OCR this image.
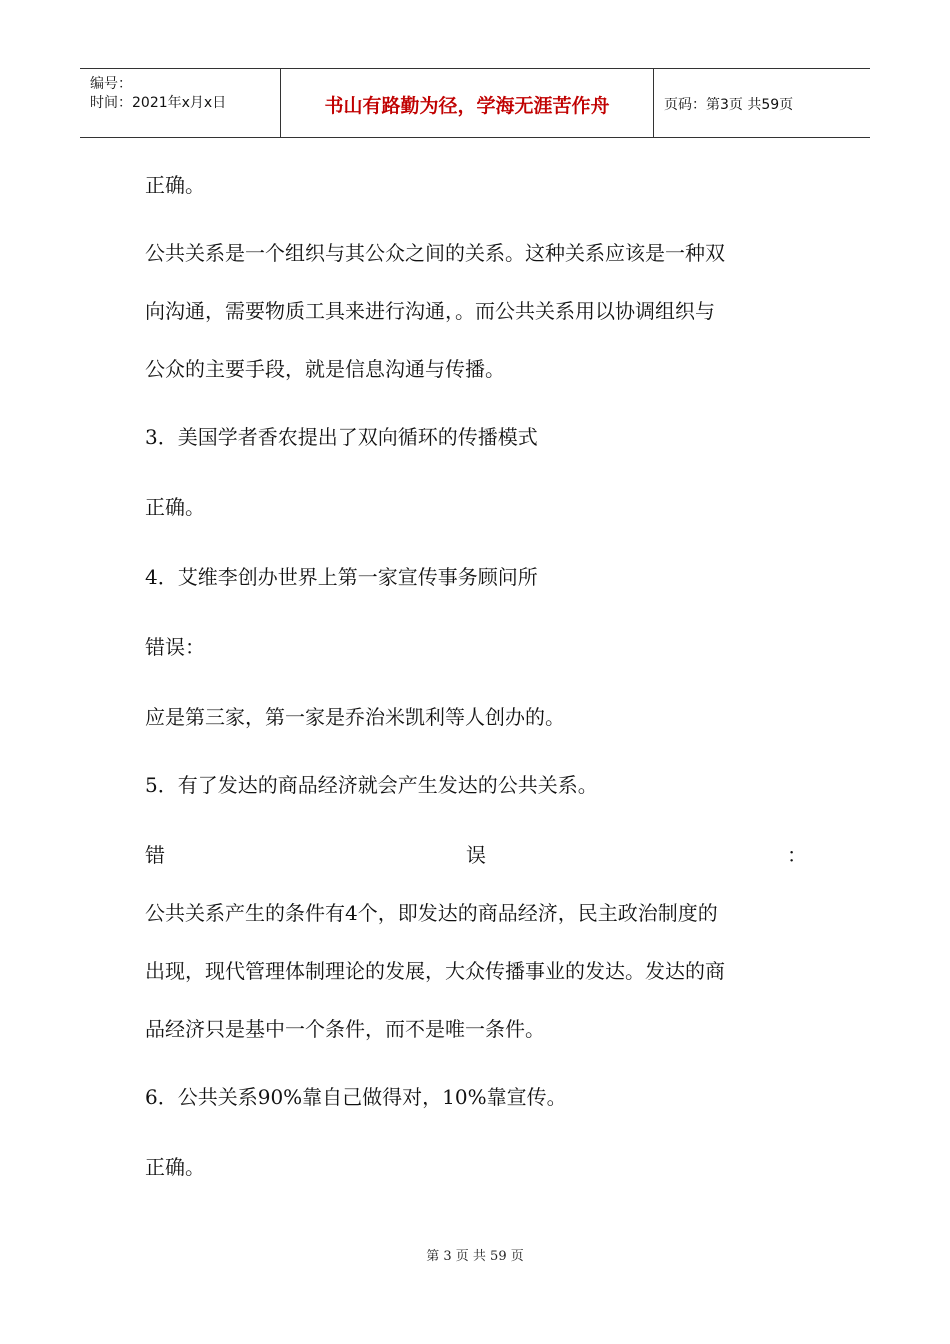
编号：
时间：2021年x月x日	书山有路勤为径，学海无涯苦作舟	页码：第3页 共59页
正确。
公共关系是一个组织与其公众之间的关系。这种关系应该是一种双
向沟通，需要物质工具来进行沟通，。而公共关系用以协调组织与
公众的主要手段，就是信息沟通与传播。
3．美国学者香农提出了双向循环的传播模式
正确。
4．艾维李创办世界上第一家宣传事务顾问所
错误：
应是第三家，第一家是乔治米凯利等人创办的。
5．有了发达的商品经济就会产生发达的公共关系。
错	误	：
公共关系产生的条件有4个，即发达的商品经济，民主政治制度的
出现，现代管理体制理论的发展，大众传播事业的发达。发达的商
品经济只是基中一个条件，而不是唯一条件。
6．公共关系90%靠自己做得对，10%靠宣传。
正确。
第 3 页 共 59 页
